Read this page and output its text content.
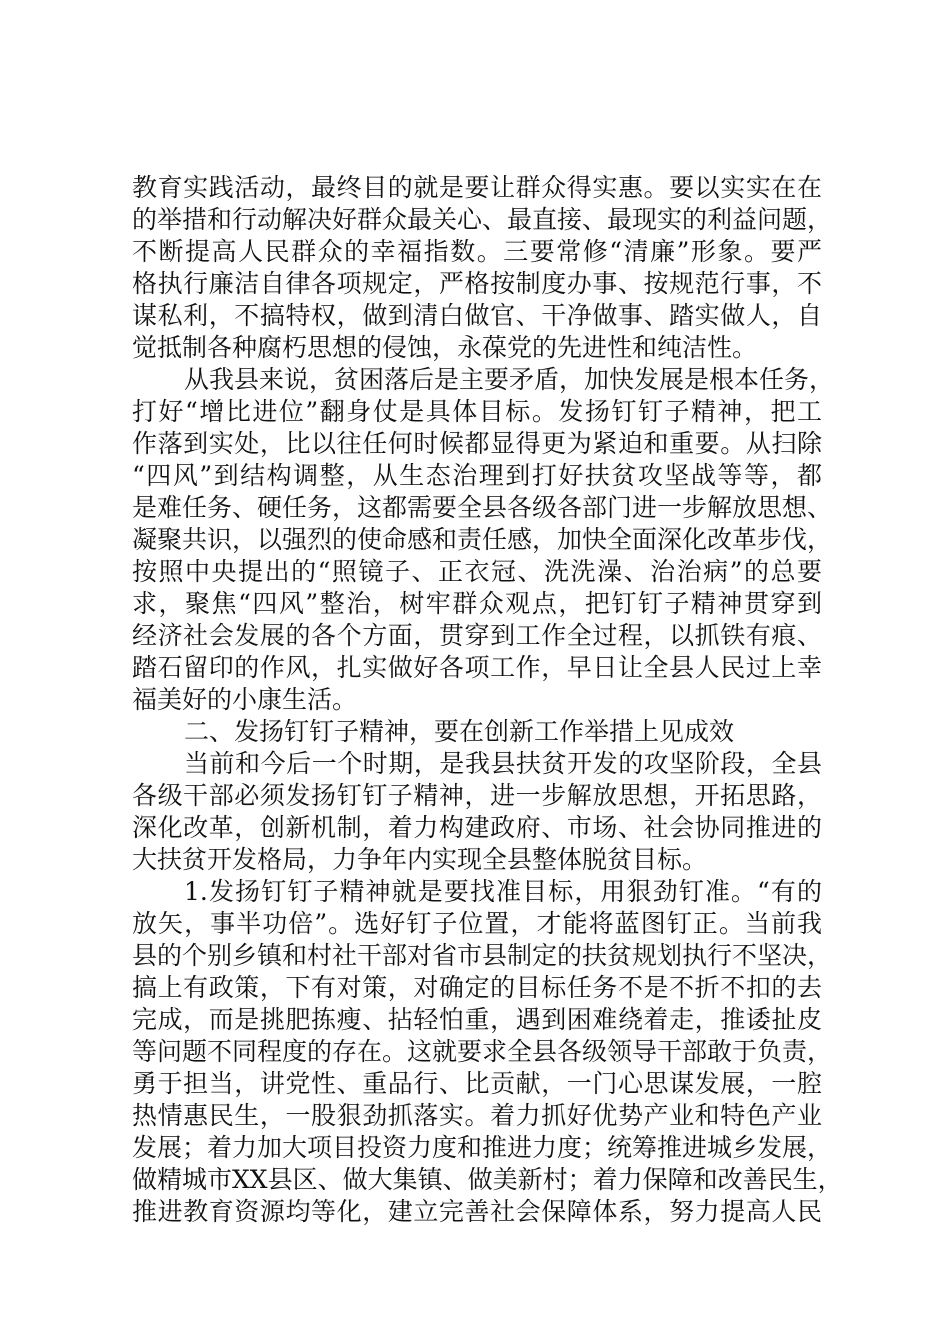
教育实践活动，最终目的就是要让群众得实惠。要以实实在在
的举措和行动解决好群众最关心、最直接、最现实的利益问题，
不断提高人民群众的幸福指数。三要常修“清廉”形象。要严
格执行廉洁自律各项规定，严格按制度办事、按规范行事，不
谋私利，不搞特权，做到清白做官、干净做事、踏实做人，自
觉抵制各种腐朽思想的侵蚀，永葆党的先进性和纯洁性。
从我县来说，贫困落后是主要矛盾，加快发展是根本任务，
打好“增比进位”翻身仗是具体目标。发扬钉钉子精神，把工
作落到实处，比以往任何时候都显得更为紧迫和重要。从扫除
“四风”到结构调整，从生态治理到打好扶贫攻坚战等等，都
是难任务、硬任务，这都需要全县各级各部门进一步解放思想、
凝聚共识，以强烈的使命感和责任感，加快全面深化改革步伐，
按照中央提出的“照镜子、正衣冠、洗洗澡、治治病”的总要
求，聚焦“四风”整治，树牢群众观点，把钉钉子精神贯穿到
经济社会发展的各个方面，贯穿到工作全过程，以抓铁有痕、
踏石留印的作风，扎实做好各项工作，早日让全县人民过上幸
福美好的小康生活。
二、发扬钉钉子精神，要在创新工作举措上见成效
当前和今后一个时期，是我县扶贫开发的攻坚阶段，全县
各级干部必须发扬钉钉子精神，进一步解放思想，开拓思路，
深化改革，创新机制，着力构建政府、市场、社会协同推进的
大扶贫开发格局，力争年内实现全县整体脱贫目标。
1.发扬钉钉子精神就是要找准目标，用狠劲钉准。“有的
放矢，事半功倍”。选好钉子位置，才能将蓝图钉正。当前我
县的个别乡镇和村社干部对省市县制定的扶贫规划执行不坚决，
搞上有政策，下有对策，对确定的目标任务不是不折不扣的去
完成，而是挑肥拣瘦、拈轻怕重，遇到困难绕着走，推诿扯皮
等问题不同程度的存在。这就要求全县各级领导干部敢于负责，
勇于担当，讲党性、重品行、比贡献，一门心思谋发展，一腔
热情惠民生，一股狠劲抓落实。着力抓好优势产业和特色产业
发展；着力加大项目投资力度和推进力度；统筹推进城乡发展，
做精城市XX县区、做大集镇、做美新村；着力保障和改善民生，
推进教育资源均等化，建立完善社会保障体系，努力提高人民
